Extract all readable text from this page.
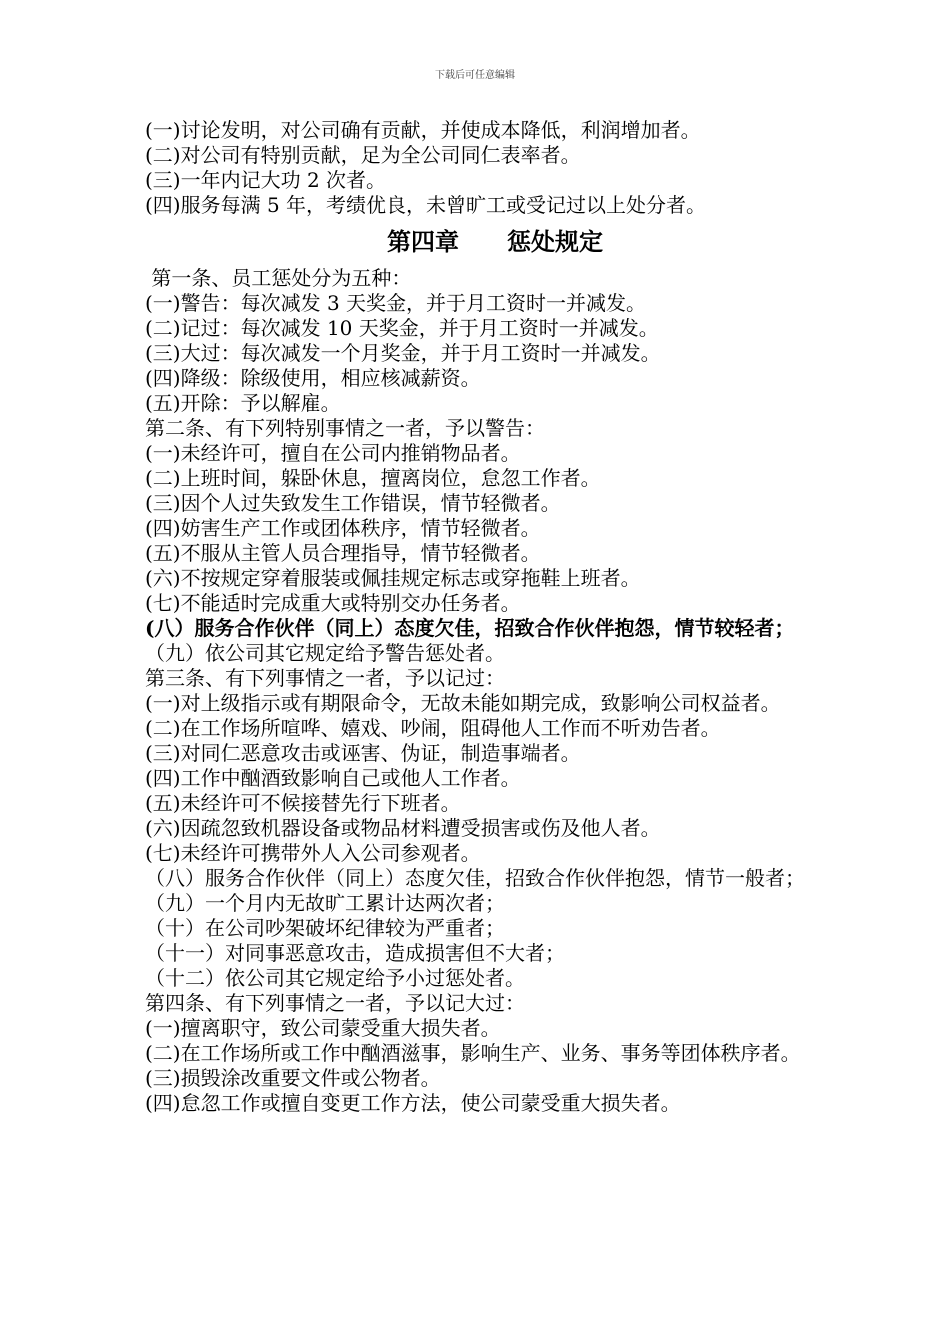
下载后可任意编辑
(一)讨论发明，对公司确有贡献，并使成本降低，利润增加者。
(二)对公司有特别贡献，足为全公司同仁表率者。
(三)一年内记大功 2 次者。
(四)服务每满 5 年，考绩优良，未曾旷工或受记过以上处分者。
第四章　　惩处规定
第一条、员工惩处分为五种：
(一)警告：每次减发 3 天奖金，并于月工资时一并减发。
(二)记过：每次减发 10 天奖金，并于月工资时一并减发。
(三)大过：每次减发一个月奖金，并于月工资时一并减发。
(四)降级：除级使用，相应核减薪资。
(五)开除：予以解雇。
第二条、有下列特别事情之一者，予以警告：
(一)未经许可，擅自在公司内推销物品者。
(二)上班时间，躲卧休息，擅离岗位，怠忽工作者。
(三)因个人过失致发生工作错误，情节轻微者。
(四)妨害生产工作或团体秩序，情节轻微者。
(五)不服从主管人员合理指导，情节轻微者。
(六)不按规定穿着服装或佩挂规定标志或穿拖鞋上班者。
(七)不能适时完成重大或特别交办任务者。
(八）服务合作伙伴（同上）态度欠佳，招致合作伙伴抱怨，情节较轻者；
（九）依公司其它规定给予警告惩处者。
第三条、有下列事情之一者，予以记过：
(一)对上级指示或有期限命令，无故未能如期完成，致影响公司权益者。
(二)在工作场所喧哗、嬉戏、吵闹，阻碍他人工作而不听劝告者。
(三)对同仁恶意攻击或诬害、伪证，制造事端者。
(四)工作中酗酒致影响自己或他人工作者。
(五)未经许可不候接替先行下班者。
(六)因疏忽致机器设备或物品材料遭受损害或伤及他人者。
(七)未经许可携带外人入公司参观者。
（八）服务合作伙伴（同上）态度欠佳，招致合作伙伴抱怨，情节一般者；
（九）一个月内无故旷工累计达两次者；
（十）在公司吵架破坏纪律较为严重者；
（十一）对同事恶意攻击，造成损害但不大者；
（十二）依公司其它规定给予小过惩处者。
第四条、有下列事情之一者，予以记大过：
(一)擅离职守，致公司蒙受重大损失者。
(二)在工作场所或工作中酗酒滋事，影响生产、业务、事务等团体秩序者。
(三)损毁涂改重要文件或公物者。
(四)怠忽工作或擅自变更工作方法，使公司蒙受重大损失者。
